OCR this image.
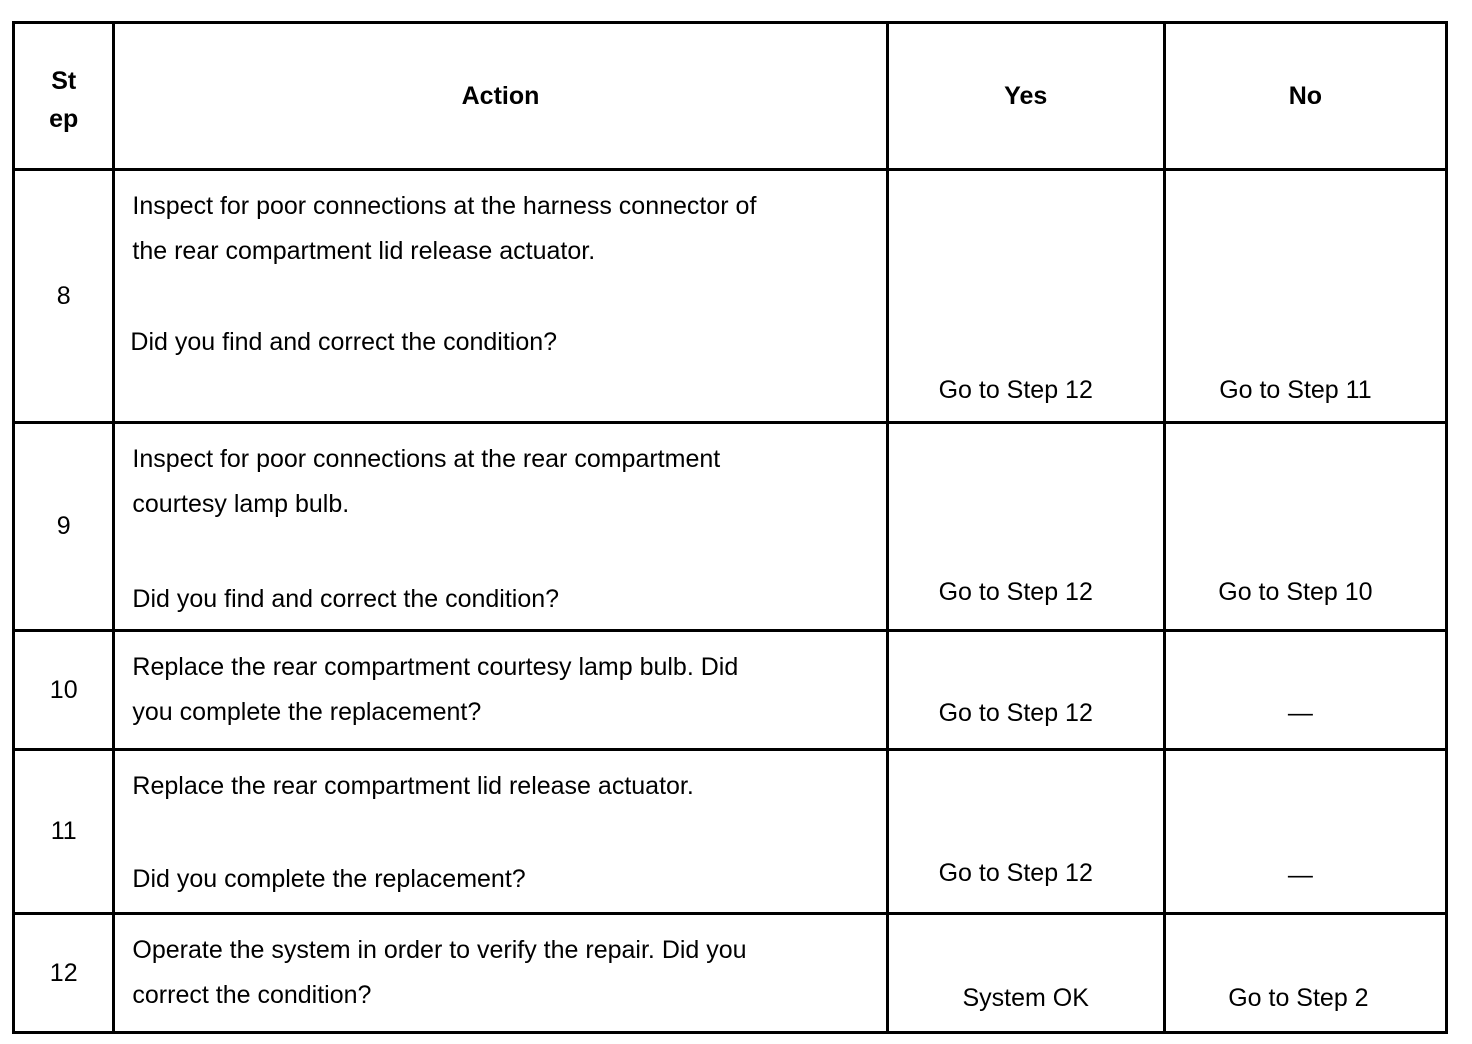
St
ep	Action	Yes	No
8	Inspect for poor connections at the harness connector of
the rear compartment lid release actuator.
Did you find and correct the condition?	Go to Step 12	Go to Step 11
9	Inspect for poor connections at the rear compartment
courtesy lamp bulb.
Did you find and correct the condition?	Go to Step 12	Go to Step 10
10	Replace the rear compartment courtesy lamp bulb. Did
you complete the replacement?	Go to Step 12	—
11	Replace the rear compartment lid release actuator.
Did you complete the replacement?	Go to Step 12	—
12	Operate the system in order to verify the repair. Did you
correct the condition?	System OK	Go to Step 2
